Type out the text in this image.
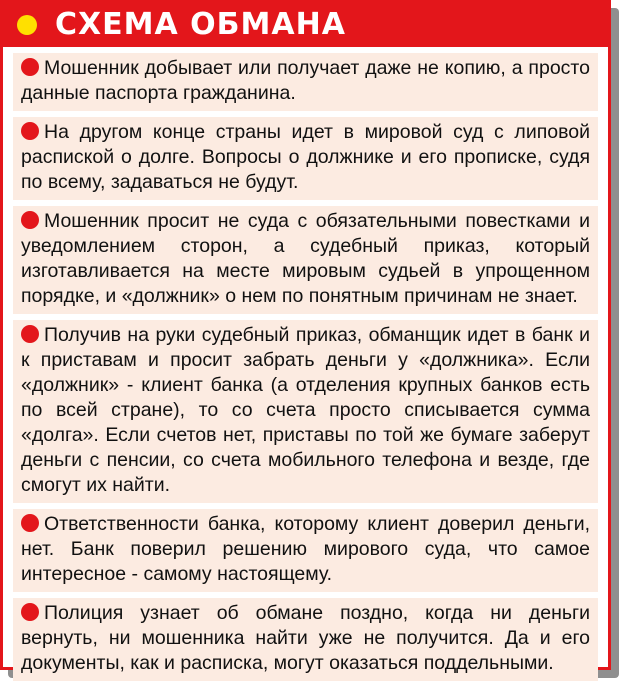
СХЕМА ОБМАНА
Мошенник добывает или получает даже не копию, а просто данные паспорта гражданина.
На другом конце страны идет в мировой суд с липовой распиской о долге. Вопросы о должнике и его прописке, судя по всему, задаваться не будут.
Мошенник просит не суда с обязательными повестками и уведомлением сторон, а судебный приказ, который изготавливается на месте мировым судьей в упрощенном порядке, и «должник» о нем по понятным причинам не знает.
Получив на руки судебный приказ, обманщик идет в банк и к приставам и просит забрать деньги у «должника». Если «должник» - клиент банка (а отделения крупных банков есть по всей стране), то со счета просто списывается сумма «долга». Если счетов нет, приставы по той же бумаге заберут деньги с пенсии, со счета мобильного телефона и везде, где смогут их найти.
Ответственности банка, которому клиент доверил деньги, нет. Банк поверил решению мирового суда, что самое интересное - самому настоящему.
Полиция узнает об обмане поздно, когда ни деньги вернуть, ни мошенника найти уже не получится. Да и его документы, как и расписка, могут оказаться поддельными.
